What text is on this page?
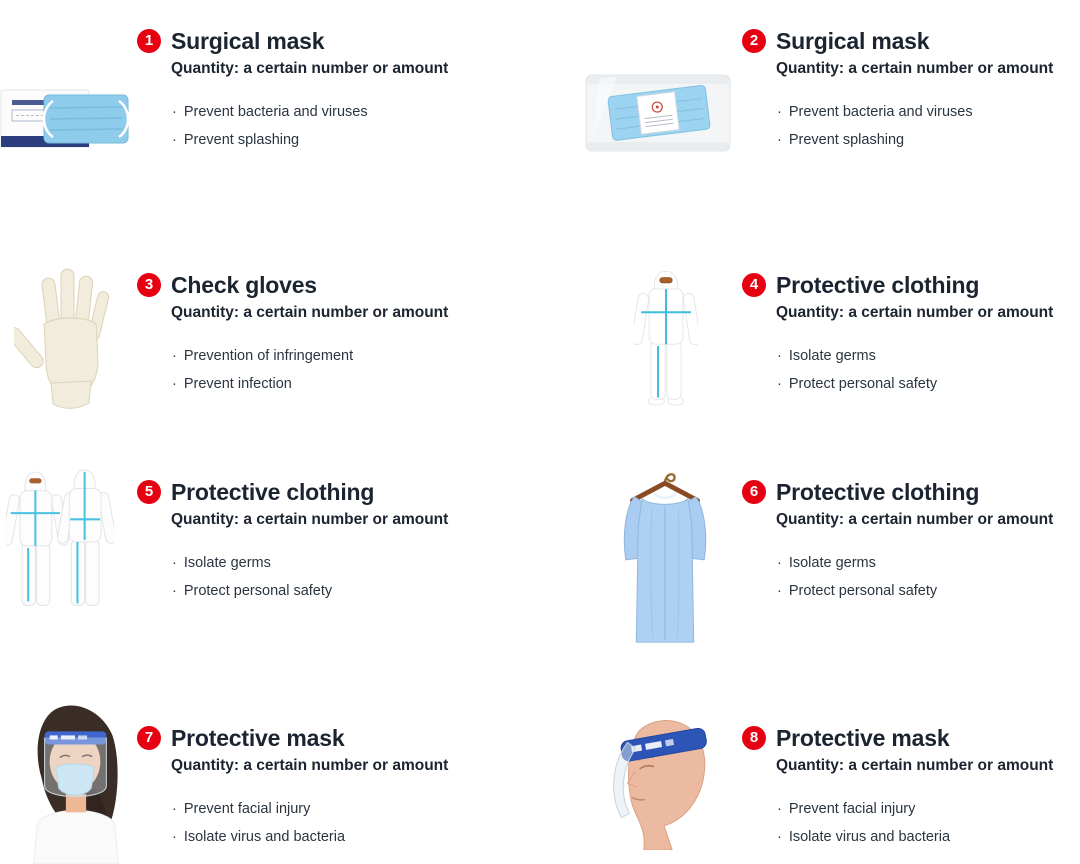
1 Surgical mask

Quantity: a certain number or amount

· Prevent bacteria and viruses
· Prevent splashing
2 Surgical mask

Quantity: a certain number or amount

· Prevent bacteria and viruses
· Prevent splashing
3 Check gloves

Quantity: a certain number or amount

· Prevention of infringement
· Prevent infection
4 Protective clothing

Quantity: a certain number or amount

· Isolate germs
· Protect personal safety
5 Protective clothing

Quantity: a certain number or amount

· Isolate germs
· Protect personal safety
6 Protective clothing

Quantity: a certain number or amount

· Isolate germs
· Protect personal safety
7 Protective mask

Quantity: a certain number or amount

· Prevent facial injury
· Isolate virus and bacteria
8 Protective mask

Quantity: a certain number or amount

· Prevent facial injury
· Isolate virus and bacteria
